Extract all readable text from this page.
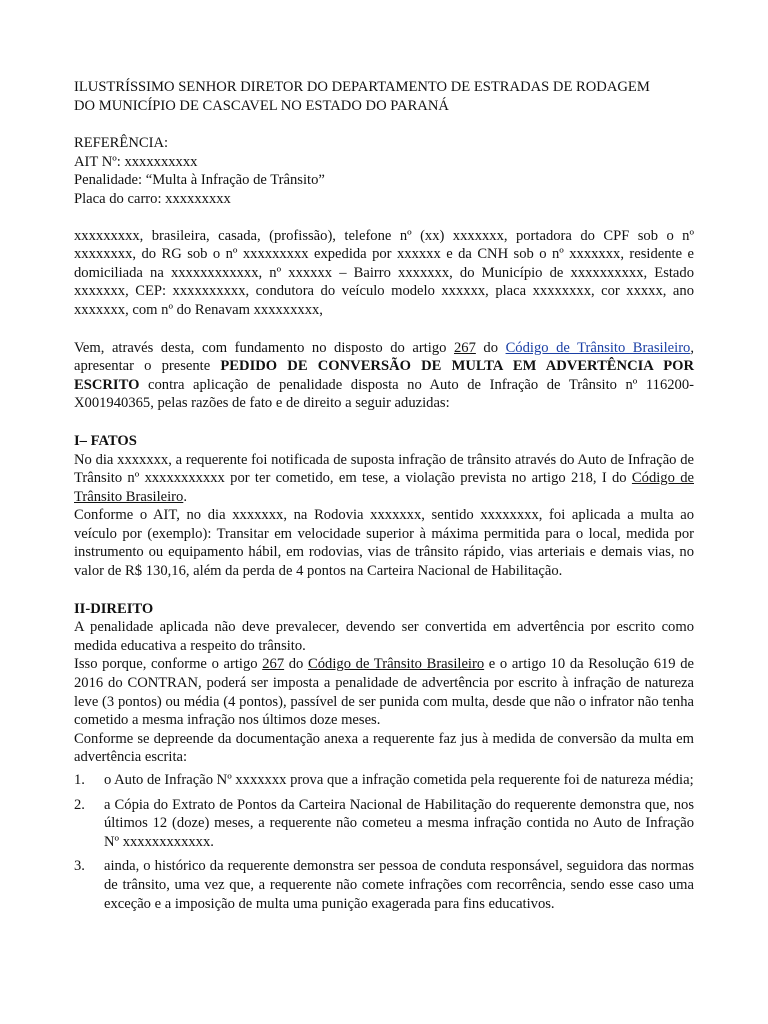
ILUSTRÍSSIMO SENHOR DIRETOR DO DEPARTAMENTO DE ESTRADAS DE RODAGEM

DO MUNICÍPIO DE CASCAVEL NO ESTADO DO PARANÁ

REFERÊNCIA:

AIT Nº: xxxxxxxxxx

Penalidade: “Multa à Infração de Trânsito”

Placa do carro: xxxxxxxxx

xxxxxxxxx, brasileira, casada, (profissão), telefone nº (xx) xxxxxxx, portadora do CPF sob o nº xxxxxxxx, do RG sob o nº xxxxxxxxx expedida por xxxxxx e da CNH sob o nº xxxxxxx, residente e domiciliada na xxxxxxxxxxxx, nº xxxxxx – Bairro xxxxxxx, do Município de xxxxxxxxxx, Estado xxxxxxx, CEP: xxxxxxxxxx, condutora do veículo modelo xxxxxx, placa xxxxxxxx, cor xxxxx, ano xxxxxxx, com nº do Renavam xxxxxxxxx,

Vem, através desta, com fundamento no disposto do artigo 267 do Código de Trânsito Brasileiro, apresentar o presente PEDIDO DE CONVERSÃO DE MULTA EM ADVERTÊNCIA POR ESCRITO contra aplicação de penalidade disposta no Auto de Infração de Trânsito nº 116200-X001940365, pelas razões de fato e de direito a seguir aduzidas:

I– FATOS

No dia xxxxxxx, a requerente foi notificada de suposta infração de trânsito através do Auto de Infração de Trânsito nº xxxxxxxxxxx por ter cometido, em tese, a violação prevista no artigo 218, I do Código de Trânsito Brasileiro.

Conforme o AIT, no dia xxxxxxx, na Rodovia xxxxxxx, sentido xxxxxxxx, foi aplicada a multa ao veículo por (exemplo): Transitar em velocidade superior à máxima permitida para o local, medida por instrumento ou equipamento hábil, em rodovias, vias de trânsito rápido, vias arteriais e demais vias, no valor de R$ 130,16, além da perda de 4 pontos na Carteira Nacional de Habilitação.

II-DIREITO

A penalidade aplicada não deve prevalecer, devendo ser convertida em advertência por escrito como medida educativa a respeito do trânsito.

Isso porque, conforme o artigo 267 do Código de Trânsito Brasileiro e o artigo 10 da Resolução 619 de 2016 do CONTRAN, poderá ser imposta a penalidade de advertência por escrito à infração de natureza leve (3 pontos) ou média (4 pontos), passível de ser punida com multa, desde que não o infrator não tenha cometido a mesma infração nos últimos doze meses.

Conforme se depreende da documentação anexa a requerente faz jus à medida de conversão da multa em advertência escrita:

1. o Auto de Infração Nº xxxxxxx prova que a infração cometida pela requerente foi de natureza média;
2. a Cópia do Extrato de Pontos da Carteira Nacional de Habilitação do requerente demonstra que, nos últimos 12 (doze) meses, a requerente não cometeu a mesma infração contida no Auto de Infração Nº xxxxxxxxxxxx.
3. ainda, o histórico da requerente demonstra ser pessoa de conduta responsável, seguidora das normas de trânsito, uma vez que, a requerente não comete infrações com recorrência, sendo esse caso uma exceção e a imposição de multa uma punição exagerada para fins educativos.
